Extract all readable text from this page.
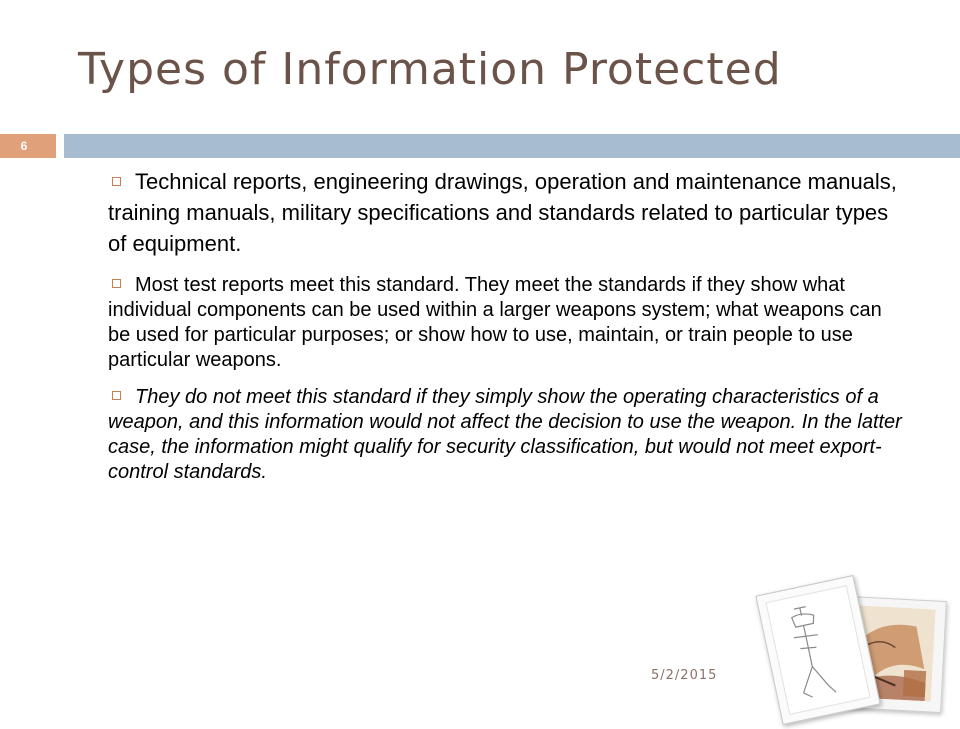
Types of Information Protected
6

Technical reports, engineering drawings, operation and maintenance manuals, training manuals, military specifications and standards related to particular types of equipment.

Most test reports meet this standard. They meet the standards if they show what individual components can be used within a larger weapons system; what weapons can be used for particular purposes; or show how to use, maintain, or train people to use particular weapons.

They do not meet this standard if they simply show the operating characteristics of a weapon, and this information would not affect the decision to use the weapon. In the latter case, the information might qualify for security classification, but would not meet export-control standards.

5/2/2015
